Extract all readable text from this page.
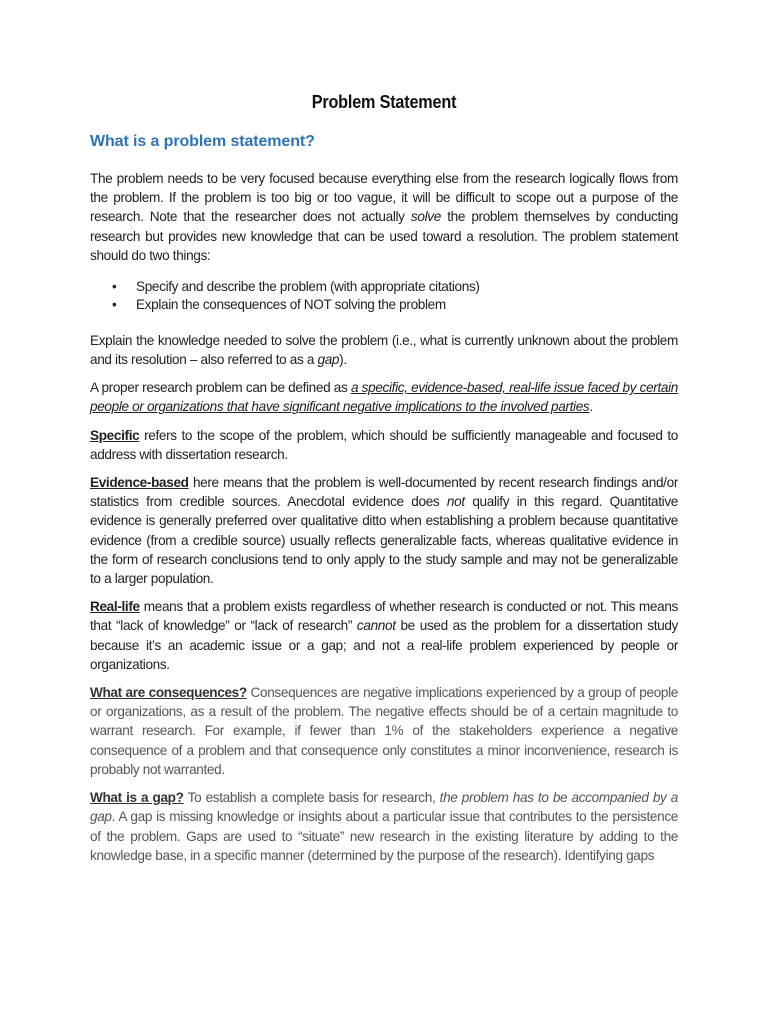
Problem Statement
What is a problem statement?

The problem needs to be very focused because everything else from the research logically flows from the problem. If the problem is too big or too vague, it will be difficult to scope out a purpose of the research. Note that the researcher does not actually solve the problem themselves by conducting research but provides new knowledge that can be used toward a resolution. The problem statement should do two things:

• Specify and describe the problem (with appropriate citations)
• Explain the consequences of NOT solving the problem

Explain the knowledge needed to solve the problem (i.e., what is currently unknown about the problem and its resolution – also referred to as a gap).

A proper research problem can be defined as a specific, evidence-based, real-life issue faced by certain people or organizations that have significant negative implications to the involved parties.

Specific refers to the scope of the problem, which should be sufficiently manageable and focused to address with dissertation research.

Evidence-based here means that the problem is well-documented by recent research findings and/or statistics from credible sources. Anecdotal evidence does not qualify in this regard. Quantitative evidence is generally preferred over qualitative ditto when establishing a problem because quantitative evidence (from a credible source) usually reflects generalizable facts, whereas qualitative evidence in the form of research conclusions tend to only apply to the study sample and may not be generalizable to a larger population.

Real-life means that a problem exists regardless of whether research is conducted or not. This means that “lack of knowledge” or “lack of research” cannot be used as the problem for a dissertation study because it’s an academic issue or a gap; and not a real-life problem experienced by people or organizations.

What are consequences? Consequences are negative implications experienced by a group of people or organizations, as a result of the problem. The negative effects should be of a certain magnitude to warrant research. For example, if fewer than 1% of the stakeholders experience a negative consequence of a problem and that consequence only constitutes a minor inconvenience, research is probably not warranted.

What is a gap? To establish a complete basis for research, the problem has to be accompanied by a gap. A gap is missing knowledge or insights about a particular issue that contributes to the persistence of the problem. Gaps are used to “situate” new research in the existing literature by adding to the knowledge base, in a specific manner (determined by the purpose of the research). Identifying gaps
